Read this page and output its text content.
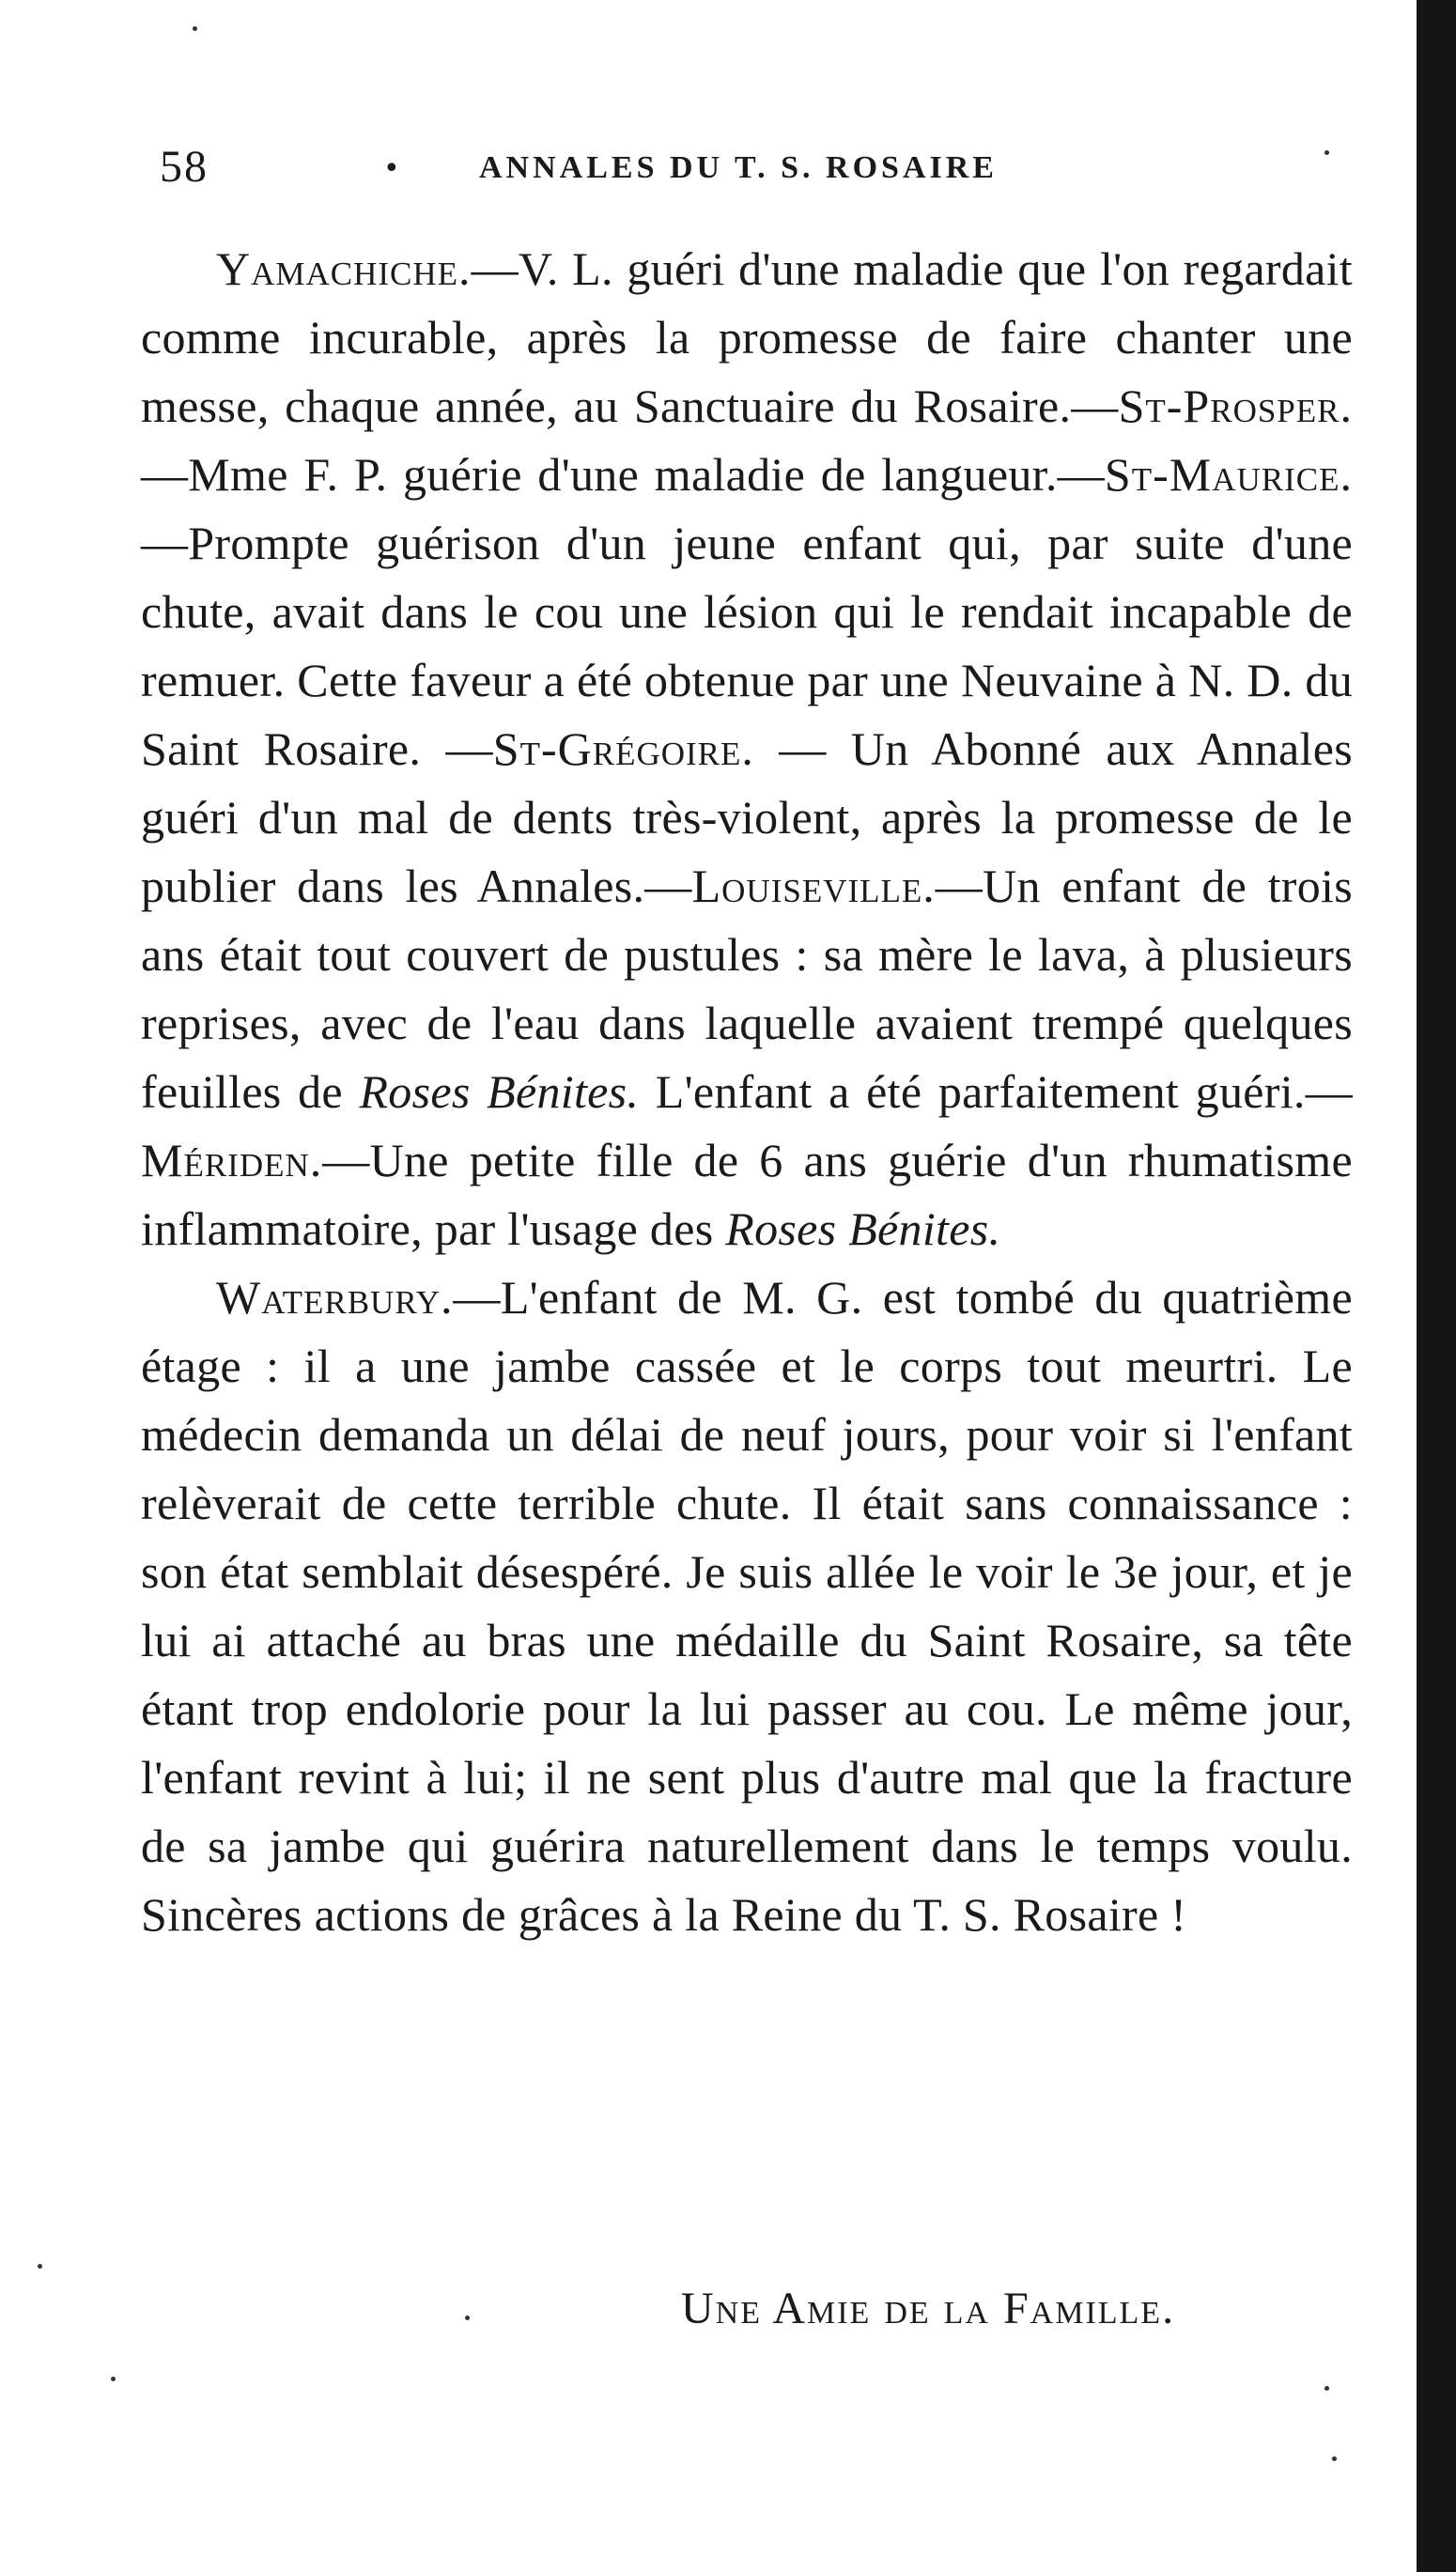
58	• ANNALES DU T. S. ROSAIRE

Yamachiche.—V. L. guéri d'une maladie que l'on regardait comme incurable, après la promesse de faire chanter une messe, chaque année, au Sanctuaire du Rosaire.—St-Prosper. —Mme F. P. guérie d'une maladie de langueur.—St-Maurice.—Prompte guérison d'un jeune enfant qui, par suite d'une chute, avait dans le cou une lésion qui le rendait incapable de remuer. Cette faveur a été obtenue par une Neuvaine à N. D. du Saint Rosaire. —St-Grégoire. — Un Abonné aux Annales guéri d'un mal de dents très-violent, après la promesse de le publier dans les Annales.—Louiseville.—Un enfant de trois ans était tout couvert de pustules : sa mère le lava, à plusieurs reprises, avec de l'eau dans laquelle avaient trempé quelques feuilles de Roses Bénites. L'enfant a été parfaitement guéri.—Mériden.—Une petite fille de 6 ans guérie d'un rhumatisme inflammatoire, par l'usage des Roses Bénites.

Waterbury.—L'enfant de M. G. est tombé du quatrième étage : il a une jambe cassée et le corps tout meurtri. Le médecin demanda un délai de neuf jours, pour voir si l'enfant relèverait de cette terrible chute. Il était sans connaissance : son état semblait désespéré. Je suis allée le voir le 3e jour, et je lui ai attaché au bras une médaille du Saint Rosaire, sa tête étant trop endolorie pour la lui passer au cou. Le même jour, l'enfant revint à lui; il ne sent plus d'autre mal que la fracture de sa jambe qui guérira naturellement dans le temps voulu. Sincères actions de grâces à la Reine du T. S. Rosaire !

Une Amie de la Famille.
